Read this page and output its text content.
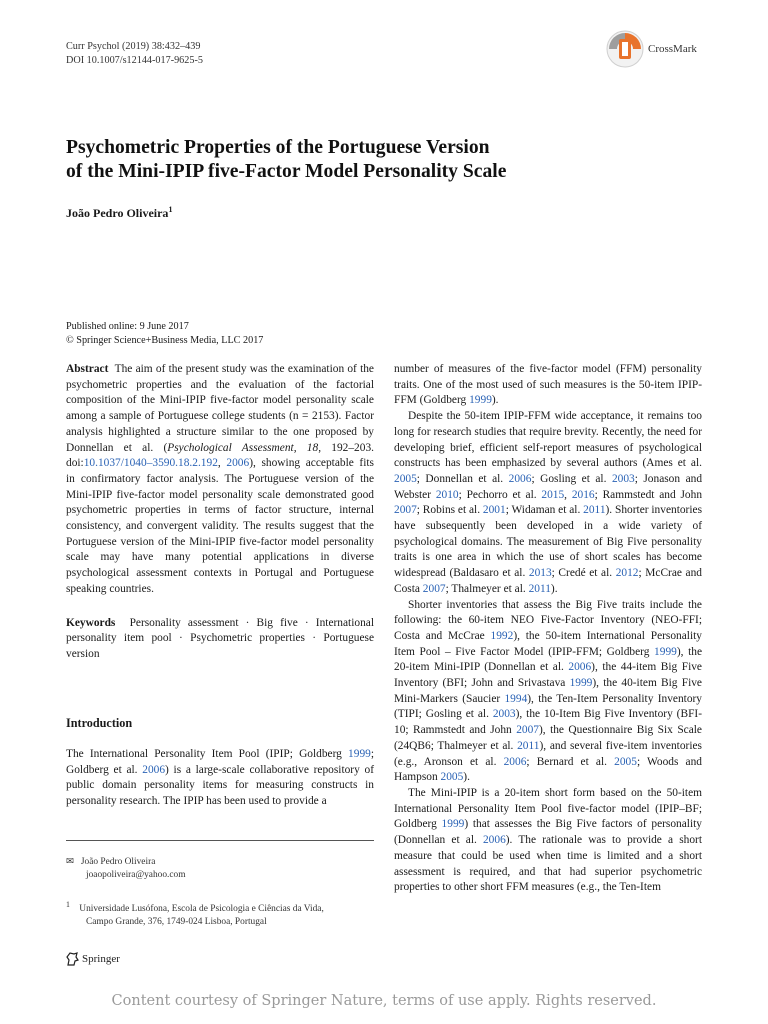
Curr Psychol (2019) 38:432–439
DOI 10.1007/s12144-017-9625-5
CrossMark
Psychometric Properties of the Portuguese Version
of the Mini-IPIP five-Factor Model Personality Scale
João Pedro Oliveira$^1$
Published online: 9 June 2017
© Springer Science+Business Media, LLC 2017

Abstract The aim of the present study was the examination of the psychometric properties and the evaluation of the factorial composition of the Mini-IPIP five-factor model personality scale among a sample of Portuguese college students (n = 2153). Factor analysis highlighted a structure similar to the one proposed by Donnellan et al. (Psychological Assessment, 18, 192–203. doi:10.1037/1040–3590.18.2.192, 2006), showing acceptable fits in confirmatory factor analysis. The Portuguese version of the Mini-IPIP five-factor model personality scale demonstrated good psychometric properties in terms of factor structure, internal consistency, and convergent validity. The results suggest that the Portuguese version of the Mini-IPIP five-factor model personality scale may have many potential applications in diverse psychological assessment contexts in Portugal and Portuguese speaking countries.

Keywords Personality assessment · Big five · International personality item pool · Psychometric properties · Portuguese version

Introduction

The International Personality Item Pool (IPIP; Goldberg 1999; Goldberg et al. 2006) is a large-scale collaborative repository of public domain personality items for measuring constructs in personality research. The IPIP has been used to provide a

✉ João Pedro Oliveira
joaopoliveira@yahoo.com
$^1$ Universidade Lusófona, Escola de Psicologia e Ciências da Vida,
Campo Grande, 376, 1749-024 Lisboa, Portugal
Springer

number of measures of the five-factor model (FFM) personality traits. One of the most used of such measures is the 50-item IPIP-FFM (Goldberg 1999).

Despite the 50-item IPIP-FFM wide acceptance, it remains too long for research studies that require brevity. Recently, the need for developing brief, efficient self-report measures of psychological constructs has been emphasized by several authors (Ames et al. 2005; Donnellan et al. 2006; Gosling et al. 2003; Jonason and Webster 2010; Pechorro et al. 2015, 2016; Rammstedt and John 2007; Robins et al. 2001; Widaman et al. 2011). Shorter inventories have subsequently been developed in a wide variety of psychological domains. The measurement of Big Five personality traits is one area in which the use of short scales has become widespread (Baldasaro et al. 2013; Credé et al. 2012; McCrae and Costa 2007; Thalmeyer et al. 2011).

Shorter inventories that assess the Big Five traits include the following: the 60-item NEO Five-Factor Inventory (NEO-FFI; Costa and McCrae 1992), the 50-item International Personality Item Pool – Five Factor Model (IPIP-FFM; Goldberg 1999), the 20-item Mini-IPIP (Donnellan et al. 2006), the 44-item Big Five Inventory (BFI; John and Srivastava 1999), the 40-item Big Five Mini-Markers (Saucier 1994), the Ten-Item Personality Inventory (TIPI; Gosling et al. 2003), the 10-Item Big Five Inventory (BFI-10; Rammstedt and John 2007), the Questionnaire Big Six Scale (24QB6; Thalmeyer et al. 2011), and several five-item inventories (e.g., Aronson et al. 2006; Bernard et al. 2005; Woods and Hampson 2005).

The Mini-IPIP is a 20-item short form based on the 50-item International Personality Item Pool five-factor model (IPIP–BF; Goldberg 1999) that assesses the Big Five factors of personality (Donnellan et al. 2006). The rationale was to provide a short measure that could be used when time is limited and a short assessment is required, and that had superior psychometric properties to other short FFM measures (e.g., the Ten-Item

Content courtesy of Springer Nature, terms of use apply. Rights reserved.
